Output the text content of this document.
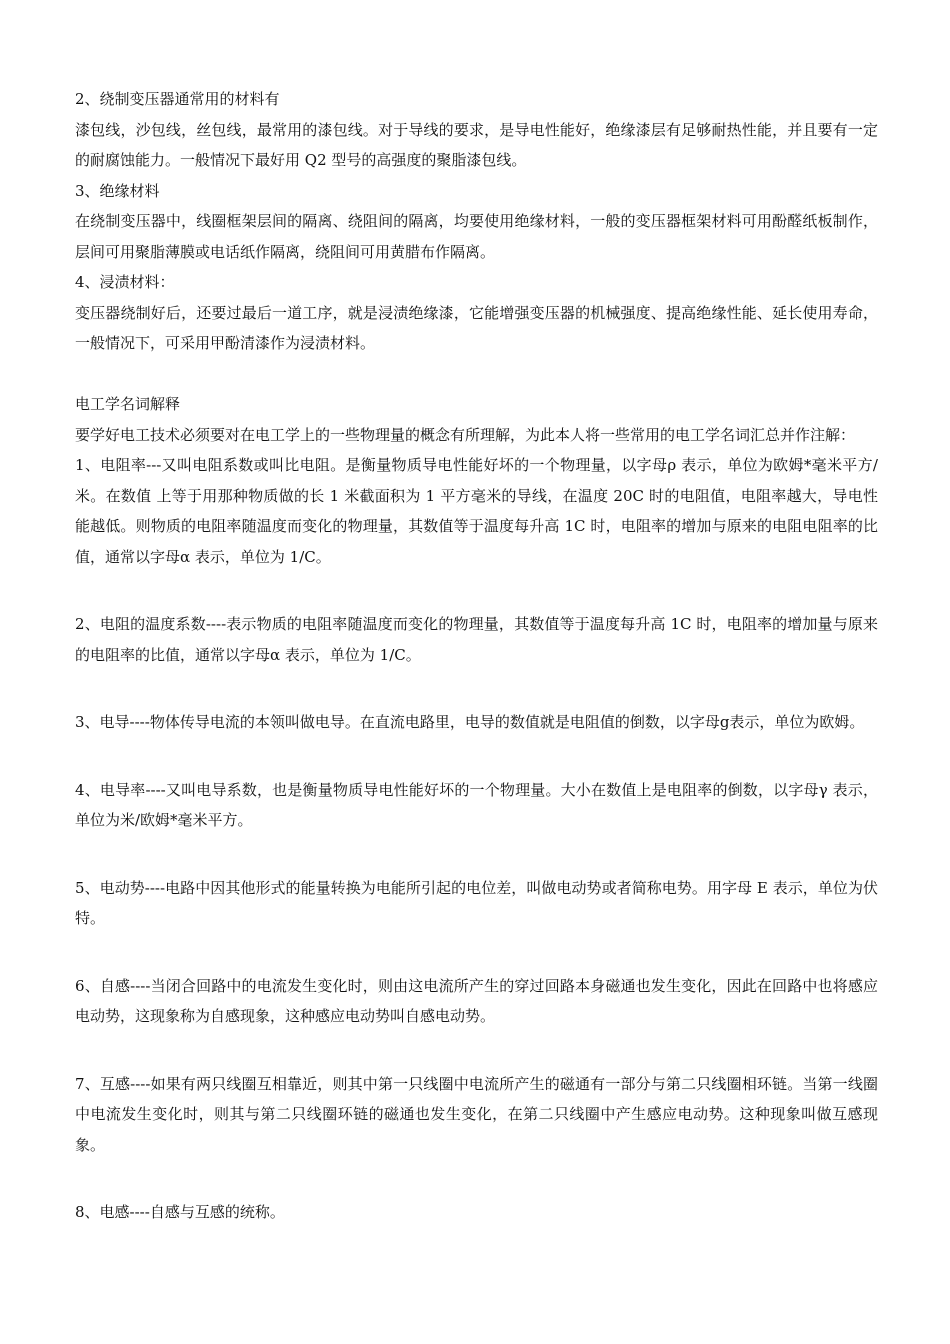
2、绕制变压器通常用的材料有

漆包线，沙包线，丝包线，最常用的漆包线。对于导线的要求，是导电性能好，绝缘漆层有足够耐热性能，并且要有一定的耐腐蚀能力。一般情况下最好用 Q2 型号的高强度的聚脂漆包线。

3、绝缘材料

在绕制变压器中，线圈框架层间的隔离、绕阻间的隔离，均要使用绝缘材料，一般的变压器框架材料可用酚醛纸板制作，层间可用聚脂薄膜或电话纸作隔离，绕阻间可用黄腊布作隔离。

4、浸渍材料：

变压器绕制好后，还要过最后一道工序，就是浸渍绝缘漆，它能增强变压器的机械强度、提高绝缘性能、延长使用寿命，一般情况下，可采用甲酚清漆作为浸渍材料。

电工学名词解释

要学好电工技术必须要对在电工学上的一些物理量的概念有所理解，为此本人将一些常用的电工学名词汇总并作注解：

1、电阻率---又叫电阻系数或叫比电阻。是衡量物质导电性能好坏的一个物理量，以字母ρ 表示，单位为欧姆*毫米平方/米。在数值 上等于用那种物质做的长 1 米截面积为 1 平方毫米的导线，在温度 20C 时的电阻值，电阻率越大，导电性能越低。则物质的电阻率随温度而变化的物理量，其数值等于温度每升高 1C 时，电阻率的增加与原来的电阻电阻率的比值，通常以字母α 表示，单位为 1/C。

2、电阻的温度系数----表示物质的电阻率随温度而变化的物理量，其数值等于温度每升高 1C 时，电阻率的增加量与原来的电阻率的比值，通常以字母α 表示，单位为 1/C。

3、电导----物体传导电流的本领叫做电导。在直流电路里，电导的数值就是电阻值的倒数，以字母g表示，单位为欧姆。

4、电导率----又叫电导系数，也是衡量物质导电性能好坏的一个物理量。大小在数值上是电阻率的倒数，以字母γ 表示，单位为米/欧姆*毫米平方。

5、电动势----电路中因其他形式的能量转换为电能所引起的电位差，叫做电动势或者简称电势。用字母 E 表示，单位为伏特。

6、自感----当闭合回路中的电流发生变化时，则由这电流所产生的穿过回路本身磁通也发生变化，因此在回路中也将感应电动势，这现象称为自感现象，这种感应电动势叫自感电动势。

7、互感----如果有两只线圈互相靠近，则其中第一只线圈中电流所产生的磁通有一部分与第二只线圈相环链。当第一线圈中电流发生变化时，则其与第二只线圈环链的磁通也发生变化，在第二只线圈中产生感应电动势。这种现象叫做互感现象。

8、电感----自感与互感的统称。
